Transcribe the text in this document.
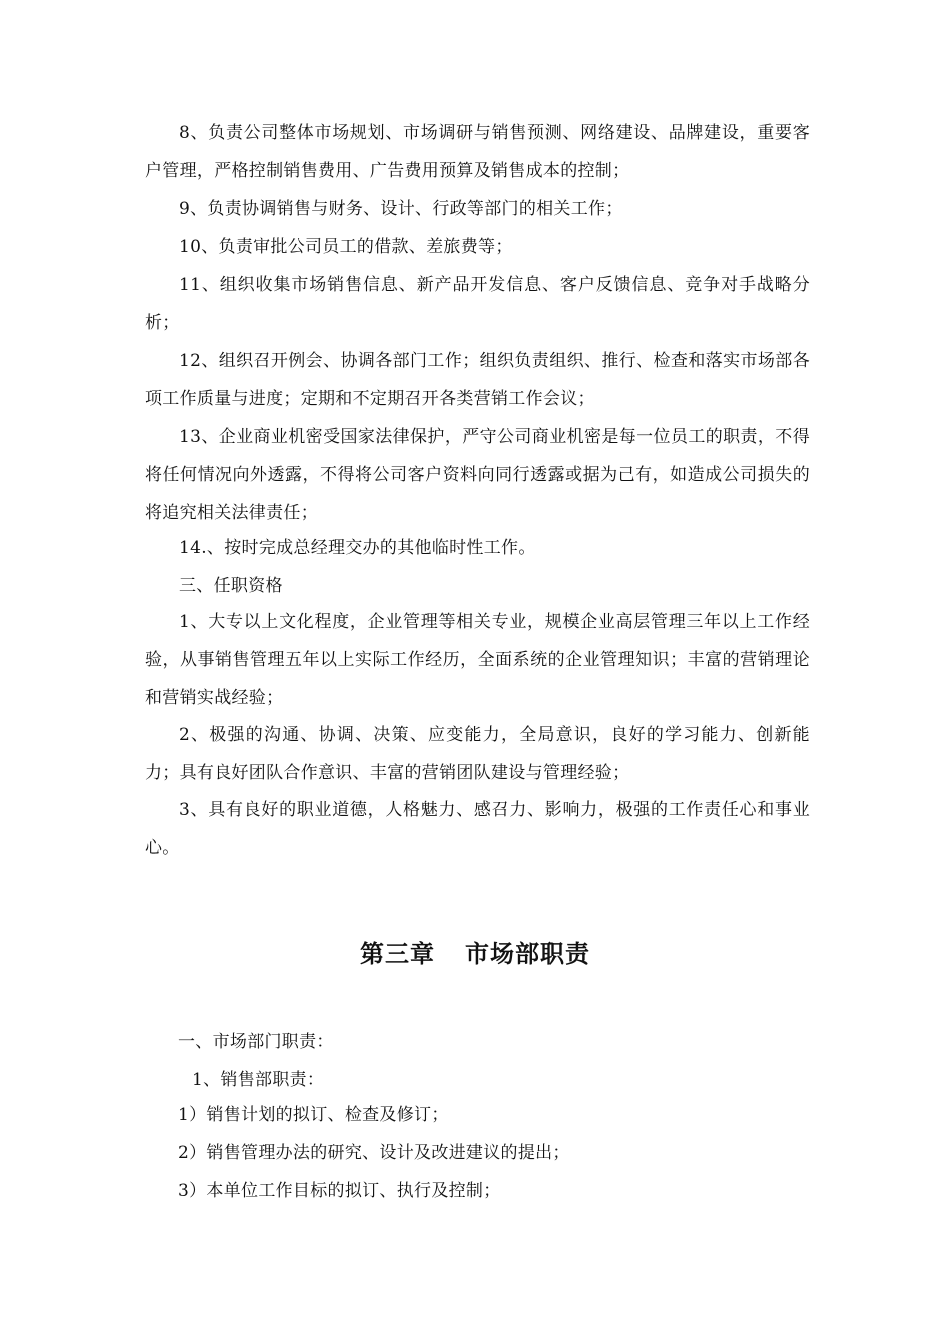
8、负责公司整体市场规划、市场调研与销售预测、网络建设、品牌建设，重要客户管理，严格控制销售费用、广告费用预算及销售成本的控制；

9、负责协调销售与财务、设计、行政等部门的相关工作；

10、负责审批公司员工的借款、差旅费等；

11、组织收集市场销售信息、新产品开发信息、客户反馈信息、竞争对手战略分析；

12、组织召开例会、协调各部门工作；组织负责组织、推行、检查和落实市场部各项工作质量与进度；定期和不定期召开各类营销工作会议；

13、企业商业机密受国家法律保护，严守公司商业机密是每一位员工的职责，不得将任何情况向外透露，不得将公司客户资料向同行透露或据为己有，如造成公司损失的将追究相关法律责任；

14.、按时完成总经理交办的其他临时性工作。

三、任职资格

1、大专以上文化程度，企业管理等相关专业，规模企业高层管理三年以上工作经验，从事销售管理五年以上实际工作经历，全面系统的企业管理知识；丰富的营销理论和营销实战经验；

2、极强的沟通、协调、决策、应变能力，全局意识，良好的学习能力、创新能力；具有良好团队合作意识、丰富的营销团队建设与管理经验；

3、具有良好的职业道德，人格魅力、感召力、影响力，极强的工作责任心和事业心。

第三章 市场部职责

一、市场部门职责：

1、销售部职责：

1）销售计划的拟订、检查及修订；

2）销售管理办法的研究、设计及改进建议的提出；

3）本单位工作目标的拟订、执行及控制；
